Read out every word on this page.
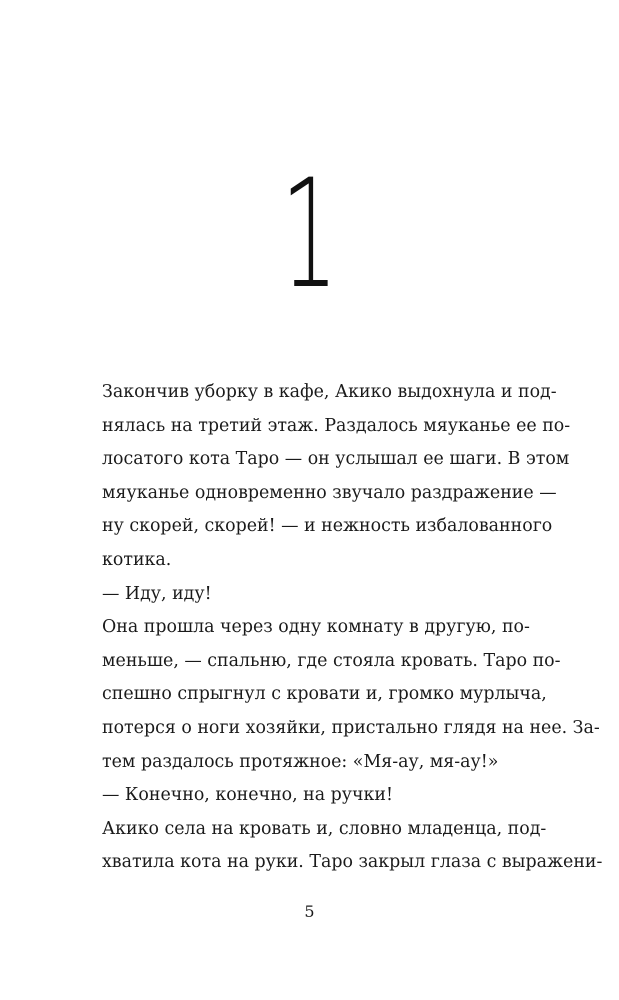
1
Закончив уборку в кафе, Акико выдохнула и под-
нялась на третий этаж. Раздалось мяуканье ее по-
лосатого кота Таро — он услышал ее шаги. В этом
мяуканье одновременно звучало раздражение —
ну скорей, скорей! — и нежность избалованного
котика.
— Иду, иду!
Она прошла через одну комнату в другую, по-
меньше, — спальню, где стояла кровать. Таро по-
спешно спрыгнул с кровати и, громко мурлыча,
потерся о ноги хозяйки, пристально глядя на нее. За-
тем раздалось протяжное: «Мя-ау, мя-ау!»
— Конечно, конечно, на ручки!
Акико села на кровать и, словно младенца, под-
хватила кота на руки. Таро закрыл глаза с выражени-
5
